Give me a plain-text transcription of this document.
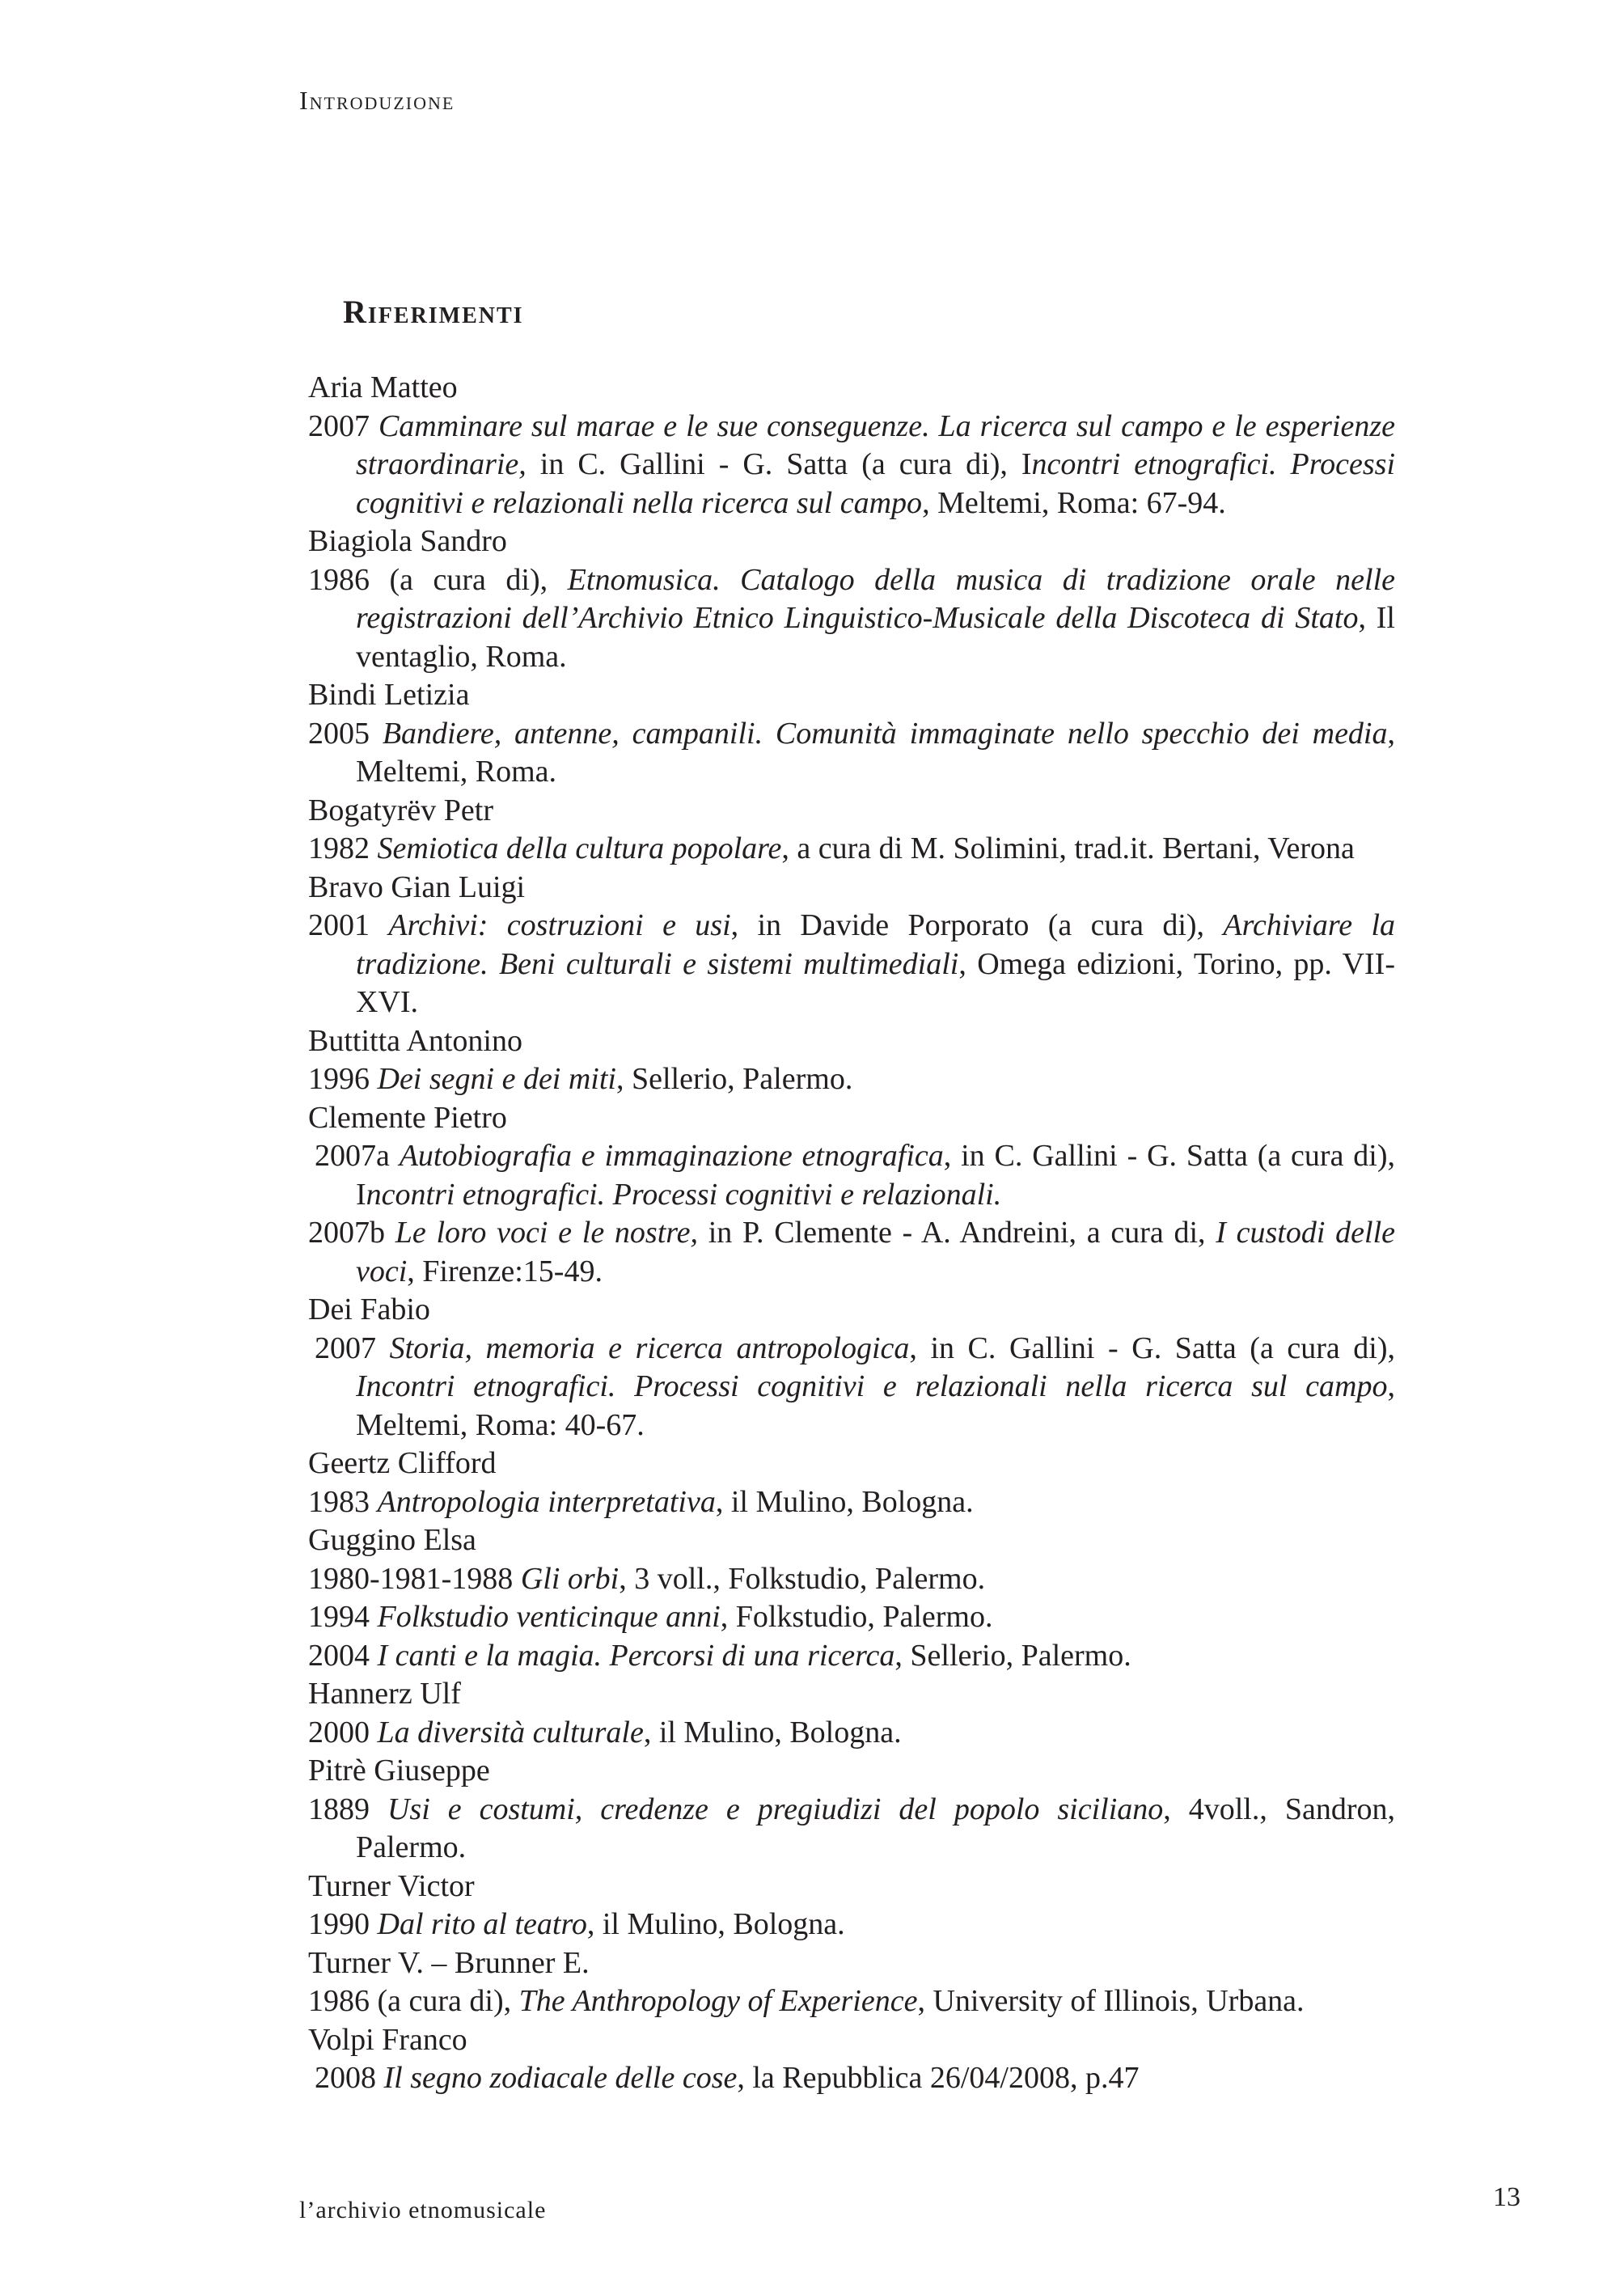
Introduzione
Riferimenti
Aria Matteo
2007 Camminare sul marae e le sue conseguenze. La ricerca sul campo e le esperienze straordinarie, in C. Gallini - G. Satta (a cura di), Incontri etnografici. Processi cognitivi e relazionali nella ricerca sul campo, Meltemi, Roma: 67-94.
Biagiola Sandro
1986 (a cura di), Etnomusica. Catalogo della musica di tradizione orale nelle registrazioni dell’Archivio Etnico Linguistico-Musicale della Discoteca di Stato, Il ventaglio, Roma.
Bindi Letizia
2005 Bandiere, antenne, campanili. Comunità immaginate nello specchio dei media, Meltemi, Roma.
Bogatyrëv Petr
1982 Semiotica della cultura popolare, a cura di M. Solimini, trad.it. Bertani, Verona
Bravo Gian Luigi
2001 Archivi: costruzioni e usi, in Davide Porporato (a cura di), Archiviare la tradizione. Beni culturali e sistemi multimediali, Omega edizioni, Torino, pp. VII-XVI.
Buttitta Antonino
1996 Dei segni e dei miti, Sellerio, Palermo.
Clemente Pietro
2007a Autobiografia e immaginazione etnografica, in C. Gallini - G. Satta (a cura di), Incontri etnografici. Processi cognitivi e relazionali.
2007b Le loro voci e le nostre, in P. Clemente - A. Andreini, a cura di, I custodi delle voci, Firenze:15-49.
Dei Fabio
2007 Storia, memoria e ricerca antropologica, in C. Gallini - G. Satta (a cura di), Incontri etnografici. Processi cognitivi e relazionali nella ricerca sul campo, Meltemi, Roma: 40-67.
Geertz Clifford
1983 Antropologia interpretativa, il Mulino, Bologna.
Guggino Elsa
1980-1981-1988 Gli orbi, 3 voll., Folkstudio, Palermo.
1994 Folkstudio venticinque anni, Folkstudio, Palermo.
2004 I canti e la magia. Percorsi di una ricerca, Sellerio, Palermo.
Hannerz Ulf
2000 La diversità culturale, il Mulino, Bologna.
Pitrè Giuseppe
1889 Usi e costumi, credenze e pregiudizi del popolo siciliano, 4voll., Sandron, Palermo.
Turner Victor
1990 Dal rito al teatro, il Mulino, Bologna.
Turner V. – Brunner E.
1986 (a cura di), The Anthropology of Experience, University of Illinois, Urbana.
Volpi Franco
2008 Il segno zodiacale delle cose, la Repubblica 26/04/2008, p.47
l’archivio etnomusicale	13
